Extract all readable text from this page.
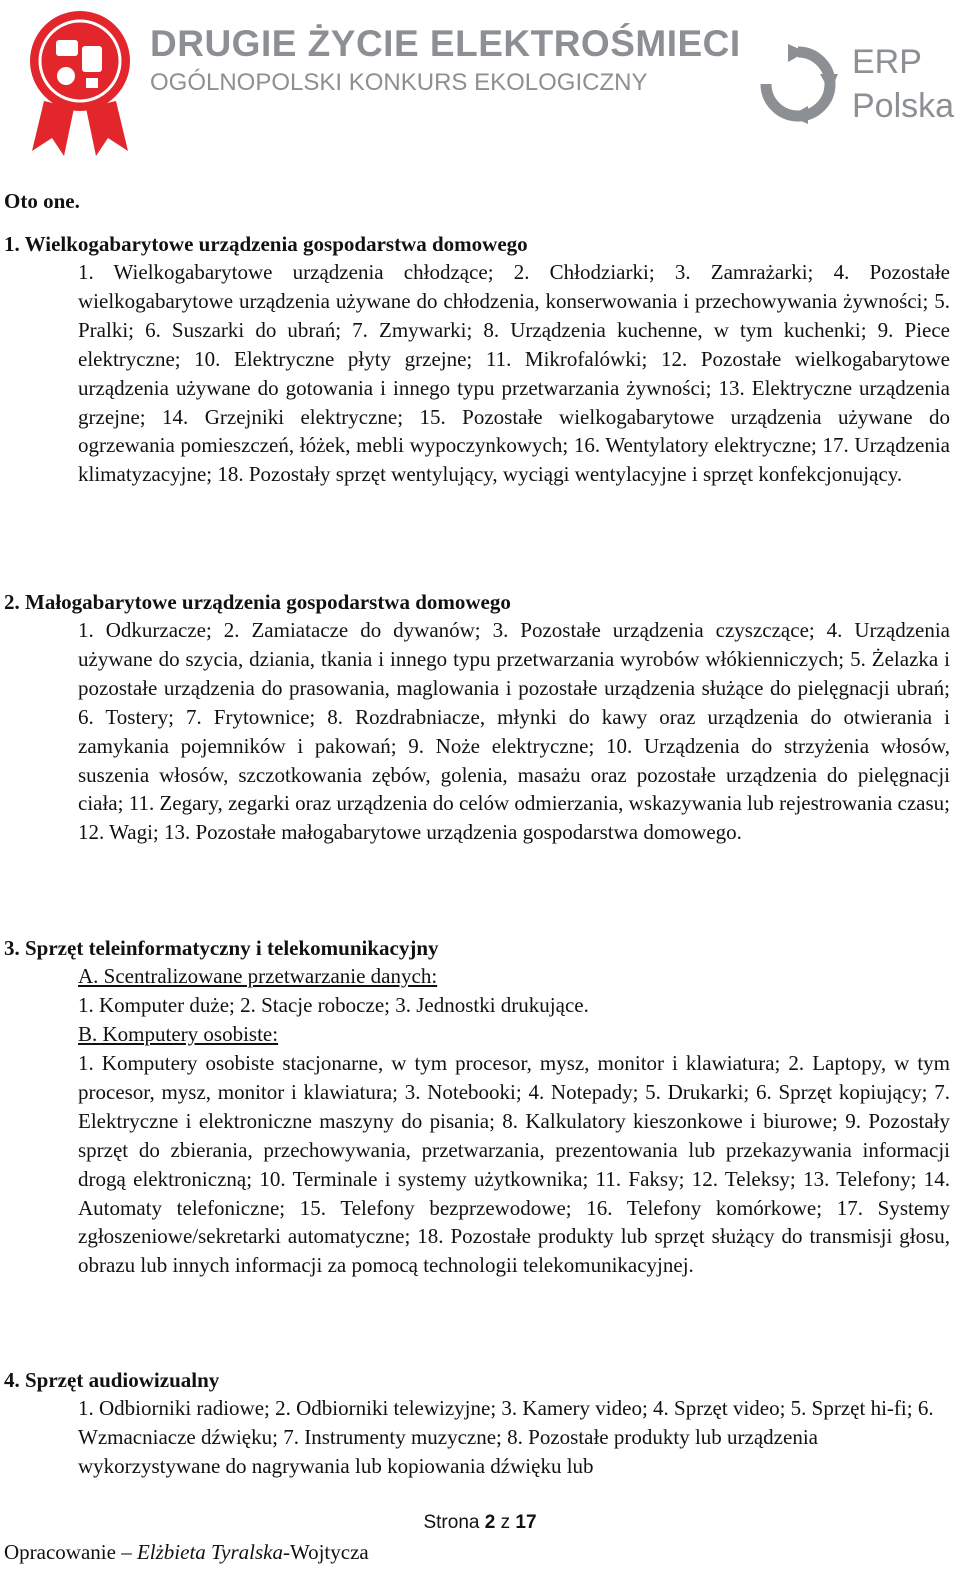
DRUGIE ŻYCIE ELEKTROŚMIECI
OGÓLNOPOLSKI KONKURS EKOLOGICZNY
ERP
Polska
Oto one.
1. Wielkogabarytowe urządzenia gospodarstwa domowego
1. Wielkogabarytowe urządzenia chłodzące; 2. Chłodziarki; 3. Zamrażarki; 4. Pozostałe wielkogabarytowe urządzenia używane do chłodzenia, konserwowania i przechowywania żywności; 5. Pralki; 6. Suszarki do ubrań; 7. Zmywarki; 8. Urządzenia kuchenne, w tym kuchenki; 9. Piece elektryczne; 10. Elektryczne płyty grzejne; 11. Mikrofalówki; 12. Pozostałe wielkogabarytowe urządzenia używane do gotowania i innego typu przetwarzania żywności; 13. Elektryczne urządzenia grzejne; 14. Grzejniki elektryczne; 15. Pozostałe wielkogabarytowe urządzenia używane do ogrzewania pomieszczeń, łóżek, mebli wypoczynkowych; 16. Wentylatory elektryczne; 17. Urządzenia klimatyzacyjne; 18. Pozostały sprzęt wentylujący, wyciągi wentylacyjne i sprzęt konfekcjonujący.
2. Małogabarytowe urządzenia gospodarstwa domowego
1. Odkurzacze; 2. Zamiatacze do dywanów; 3. Pozostałe urządzenia czyszczące; 4. Urządzenia używane do szycia, dziania, tkania i innego typu przetwarzania wyrobów włókienniczych; 5. Żelazka i pozostałe urządzenia do prasowania, maglowania i pozostałe urządzenia służące do pielęgnacji ubrań; 6. Tostery; 7. Frytownice; 8. Rozdrabniacze, młynki do kawy oraz urządzenia do otwierania i zamykania pojemników i pakowań; 9. Noże elektryczne; 10. Urządzenia do strzyżenia włosów, suszenia włosów, szczotkowania zębów, golenia, masażu oraz pozostałe urządzenia do pielęgnacji ciała; 11. Zegary, zegarki oraz urządzenia do celów odmierzania, wskazywania lub rejestrowania czasu; 12. Wagi; 13. Pozostałe małogabarytowe urządzenia gospodarstwa domowego.
3. Sprzęt teleinformatyczny i telekomunikacyjny
A. Scentralizowane przetwarzanie danych:
1. Komputer duże; 2. Stacje robocze; 3. Jednostki drukujące.
B. Komputery osobiste:
1. Komputery osobiste stacjonarne, w tym procesor, mysz, monitor i klawiatura; 2. Laptopy, w tym procesor, mysz, monitor i klawiatura; 3. Notebooki; 4. Notepady; 5. Drukarki; 6. Sprzęt kopiujący; 7. Elektryczne i elektroniczne maszyny do pisania; 8. Kalkulatory kieszonkowe i biurowe; 9. Pozostały sprzęt do zbierania, przechowywania, przetwarzania, prezentowania lub przekazywania informacji drogą elektroniczną; 10. Terminale i systemy użytkownika; 11. Faksy; 12. Teleksy; 13. Telefony; 14. Automaty telefoniczne; 15. Telefony bezprzewodowe; 16. Telefony komórkowe; 17. Systemy zgłoszeniowe/sekretarki automatyczne; 18. Pozostałe produkty lub sprzęt służący do transmisji głosu, obrazu lub innych informacji za pomocą technologii telekomunikacyjnej.
4. Sprzęt audiowizualny
1. Odbiorniki radiowe; 2. Odbiorniki telewizyjne; 3. Kamery video; 4. Sprzęt video; 5. Sprzęt hi-fi; 6. Wzmacniacze dźwięku; 7. Instrumenty muzyczne; 8. Pozostałe produkty lub urządzenia wykorzystywane do nagrywania lub kopiowania dźwięku lub
Strona 2 z 17
Opracowanie – Elżbieta Tyralska-Wojtycza
